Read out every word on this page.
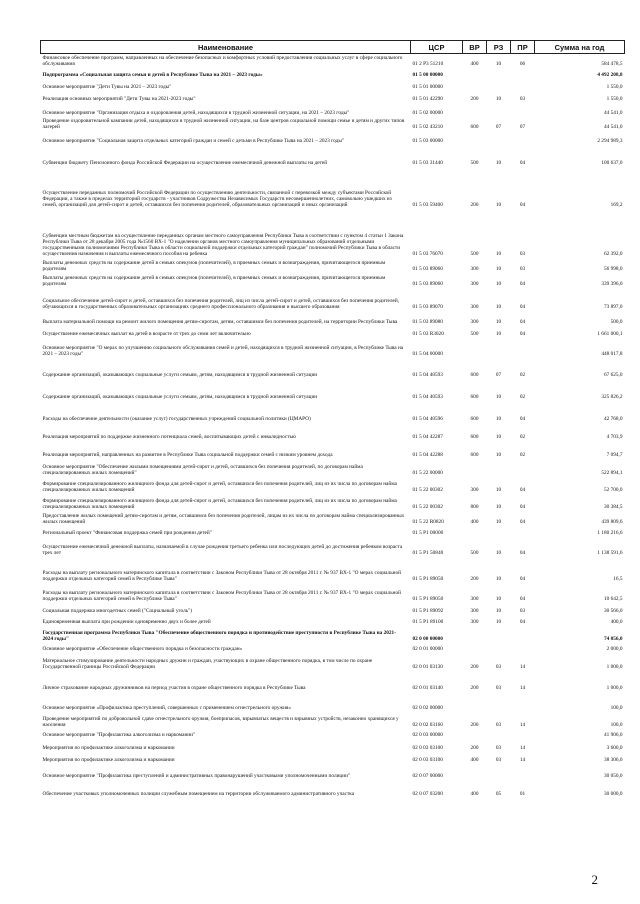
Наименование	ЦСР	ВР	РЗ	ПР	Сумма на год
Финансовое обеспечение программ, направленных на обеспечение безопасных и комфортных условий предоставления социальных услуг в сфере социального обслуживания	01 2 P3 51210	400	10	06	584 478,5
Подпрограмма «Социальная защита семьи и детей в Республике Тыва на 2021 – 2023 годы»	01 5 00 00000				4 492 208,8
Основное мероприятие "Дети Тувы на 2021 – 2023 годы"	01 5 01 00000				1 550,0
Реализация основных мероприятий "Дети Тувы на 2021-2023 годы"	01 5 01 42290	200	10	03	1 550,0
Основное мероприятие "Организация отдыха и оздоровления детей, находящихся в трудной жизненной ситуации, на 2021 – 2023 годы"	01 5 02 00000				44 541,0
Проведение оздоровительной кампании детей, находящихся в трудной жизненной ситуации, на базе центров социальной помощи семье и детям и других типов лагерей	01 5 02 43210	600	07	07	44 541,0
Основное мероприятие "Социальная защита отдельных категорий граждан и семей с детьми в Республике Тыва на 2021 – 2023 годы"	01 5 03 00000				2 294 989,3
Субвенции бюджету Пенсионного фонда Российской Федерации на осуществление ежемесячной денежной выплаты на детей	01 5 03 31440	500	10	04	100 637,0
Осуществление переданных полномочий Российской Федерации по осуществлению деятельности, связанной с перевозкой между субъектами Российской Федерации, а также в пределах территорий государств - участников Содружества Независимых Государств несовершеннолетних, самовольно ушедших из семей, организаций для детей-сирот и детей, оставшихся без попечения родителей, образовательных организаций и иных организаций	01 5 03 59400	200	10	04	169,2
Субвенции местным бюджетам на осуществление переданных органам местного самоуправления Республики Тыва в соответствии с пунктом 4 статьи 1 Закона Республики Тыва от 28 декабря 2005 года №1560 ВХ-1 "О наделении органов местного самоуправления муниципальных образований отдельными государственными полномочиями Республики Тыва в области социальной поддержки отдельных категорий граждан" полномочий Республики Тыва в области осуществления назначения и выплаты ежемесячного пособия на ребенка	01 5 03 76070	500	10	03	62 392,0
Выплаты денежных средств на содержание детей в семьях опекунов (попечителей), в приемных семьях и вознаграждения, причитающегося приемным родителям	01 5 03 89060	300	10	03	56 998,0
Выплаты денежных средств на содержание детей в семьях опекунов (попечителей), в приемных семьях и вознаграждения, причитающегося приемным родителям	01 5 03 89060	300	10	04	339 396,0
Социальное обеспечение детей-сирот и детей, оставшихся без попечения родителей, лиц из числа детей-сирот и детей, оставшихся без попечения родителей, обучающихся в государственных образовательных организациях среднего профессионального образования и высшего образования	01 5 03 89070	300	10	04	73 897,0
Выплата материальной помощи на ремонт жилого помещения детям-сиротам, детям, оставшимся без попечения родителей, на территории Республики Тыва	01 5 03 89080	300	10	04	500,0
Осуществление ежемесячных выплат на детей в возрасте от трех до семи лет включительно	01 5 03 R3020	500	10	04	1 661 000,1
Основное мероприятие "О мерах по улучшению социального обслуживания семей и детей, находящихся в трудной жизненной ситуации, в Республике Тыва на 2021 – 2023 годы"	01 5 04 00000				448 017,8
Содержание организаций, оказывающих социальные услуги семьям, детям, находящимся в трудной жизненной ситуации	01 5 04 40593	600	07	02	67 625,0
Содержание организаций, оказывающих социальные услуги семьям, детям, находящимся в трудной жизненной ситуации	01 5 04 40593	600	10	02	325 826,2
Расходы на обеспечение деятельности (оказание услуг) государственных учреждений социальной политики (ЦМАРО)	01 5 04 40596	600	10	04	42 768,0
Реализация мероприятий по поддержке жизненного потенциала семей, воспитывающих детей с инвалидностью	01 5 04 42287	600	10	02	4 703,9
Реализация мероприятий, направленных на развитие в Республике Тыва социальной поддержки семей с низким уровнем дохода	01 5 04 42288	600	10	02	7 094,7
Основное мероприятие "Обеспечение жилыми помещениями детей-сирот и детей, оставшихся без попечения родителей, по договорам найма специализированных жилых помещений"	01 5 22 00000				522 894,1
Формирование специализированного жилищного фонда для детей-сирот и детей, оставшихся без попечения родителей, лиц из их числа по договорам найма специализированных жилых помещений	01 5 22 00302	300	10	04	52 700,0
Формирование специализированного жилищного фонда для детей-сирот и детей, оставшихся без попечения родителей, лиц из их числа по договорам найма специализированных жилых помещений	01 5 22 00302	800	10	04	30 384,5
Предоставление жилых помещений детям-сиротам и детям, оставшимся без попечения родителей, лицам из их числа по договорам найма специализированных жилых помещений	01 5 22 R0820	400	10	04	439 809,6
Региональный проект "Финансовая поддержка семей при рождении детей"	01 5 P1 00000				1 180 216,6
Осуществление ежемесячной денежной выплаты, назначаемой в случае рождения третьего ребенка или последующих детей до достижения ребенком возраста трех лет	01 5 P1 50840	500	10	04	1 138 591,6
Расходы на выплату регионального материнского капитала в соответствии с Законом Республики Тыва от 28 октября 2011 г. № 937 ВХ-1 "О мерах социальной поддержки отдельных категорий семей в Республике Тыва"	01 5 P1 89050	200	10	04	16,5
Расходы на выплату регионального материнского капитала в соответствии с Законом Республики Тыва от 28 октября 2011 г. № 937 ВХ-1 "О мерах социальной поддержки отдельных категорий семей в Республике Тыва"	01 5 P1 89050	300	10	04	10 642,5
Социальная поддержка многодетных семей ("Социальный уголь")	01 5 P1 89092	300	10	03	30 566,0
Единовременная выплата при рождении одновременно двух и более детей	01 5 P1 89100	300	10	04	400,0
Государственная программа Республики Тыва "Обеспечение общественного порядка и противодействие преступности в Республике Тыва на 2021-2024 годы"	02 0 00 00000				74 056,0
Основное мероприятие «Обеспечение общественного порядка и безопасности граждан»	02 0 01 00000				2 000,0
Материальное стимулирование деятельности народных дружин и граждан, участвующих в охране общественного порядка, в том числе по охране Государственной границы Российской Федерации	02 0 01 03130	200	03	14	1 000,0
Личное страхование народных дружинников на период участия в охране общественного порядка в Республике Тыва	02 0 01 03140	200	03	14	1 000,0
Основное мероприятие «Профилактика преступлений, совершенных с применением огнестрельного оружия»	02 0 02 00000				100,0
Проведение мероприятий по добровольной сдаче огнестрельного оружия, боеприпасов, взрывчатых веществ и взрывных устройств, незаконно хранящихся у населения	02 0 02 03160	200	03	14	100,0
Основное мероприятие "Профилактика алкоголизма и наркомании"	02 0 03 00000				41 906,0
Мероприятия по профилактике алкоголизма и наркомании	02 0 03 03100	200	03	14	3 600,0
Мероприятия по профилактике алкоголизма и наркомании	02 0 03 03100	400	03	14	38 306,0
Основное мероприятие "Профилактика преступлений и административных правонарушений участковыми уполномоченными полиции"	02 0 07 00000				30 050,0
Обеспечение участковых уполномоченных полиции служебным помещением на территории обслуживаемого административного участка	02 0 07 03200	400	05	01	30 000,0
2
